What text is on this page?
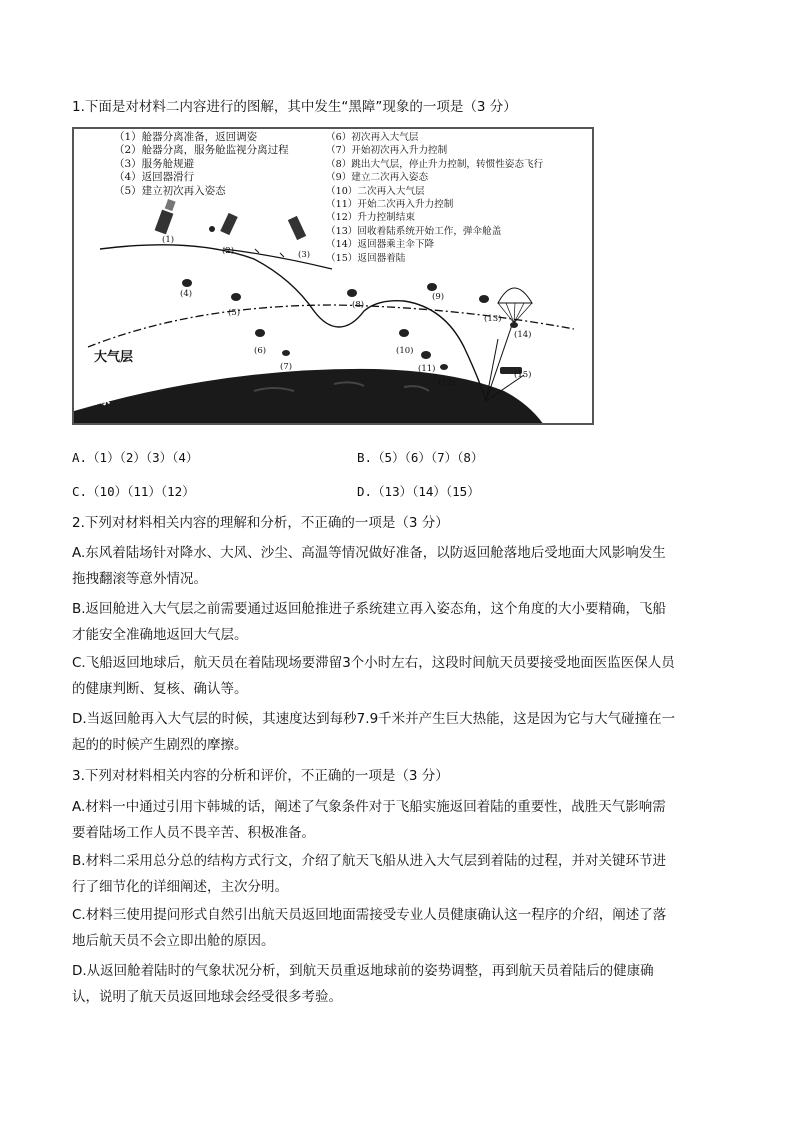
1.下面是对材料二内容进行的图解，其中发生“黑障”现象的一项是（3 分）
(1)
(2)	(3)
(4)
(5)
(6)
(7)
(8)
(9)
(10)
(11)
(12)
(13)
(14)
(15)
大气层
地球
（1）舱器分离准备，返回调姿
（2）舱器分离，服务舱监视分离过程
（3）服务舱规避
（4）返回器滑行
（5）建立初次再入姿态
（6）初次再入大气层
（7）开始初次再入升力控制
（8）跳出大气层，停止升力控制，转惯性姿态飞行
（9）建立二次再入姿态
（10）二次再入大气层
（11）开始二次再入升力控制
（12）升力控制结束
（13）回收着陆系统开始工作，弹伞舱盖
（14）返回器乘主伞下降
（15）返回器着陆
A.（1）（2）（3）（4）	B.（5）（6）（7）（8）
C.（10）（11）（12）	D.（13）（14）（15）
2.下列对材料相关内容的理解和分析，不正确的一项是（3 分）
A.东风着陆场针对降水、大风、沙尘、高温等情况做好准备，以防返回舱落地后受地面大风影响发生拖拽翻滚等意外情况。
B.返回舱进入大气层之前需要通过返回舱推进子系统建立再入姿态角，这个角度的大小要精确，飞船才能安全准确地返回大气层。
C.飞船返回地球后，航天员在着陆现场要滞留3个小时左右，这段时间航天员要接受地面医监医保人员的健康判断、复核、确认等。
D.当返回舱再入大气层的时候，其速度达到每秒7.9千米并产生巨大热能，这是因为它与大气碰撞在一起的的时候产生剧烈的摩擦。
3.下列对材料相关内容的分析和评价，不正确的一项是（3 分）
A.材料一中通过引用卞韩城的话，阐述了气象条件对于飞船实施返回着陆的重要性，战胜天气影响需要着陆场工作人员不畏辛苦、积极准备。
B.材料二采用总分总的结构方式行文，介绍了航天飞船从进入大气层到着陆的过程，并对关键环节进行了细节化的详细阐述，主次分明。
C.材料三使用提问形式自然引出航天员返回地面需接受专业人员健康确认这一程序的介绍，阐述了落地后航天员不会立即出舱的原因。
D.从返回舱着陆时的气象状况分析，到航天员重返地球前的姿势调整，再到航天员着陆后的健康确认，说明了航天员返回地球会经受很多考验。
